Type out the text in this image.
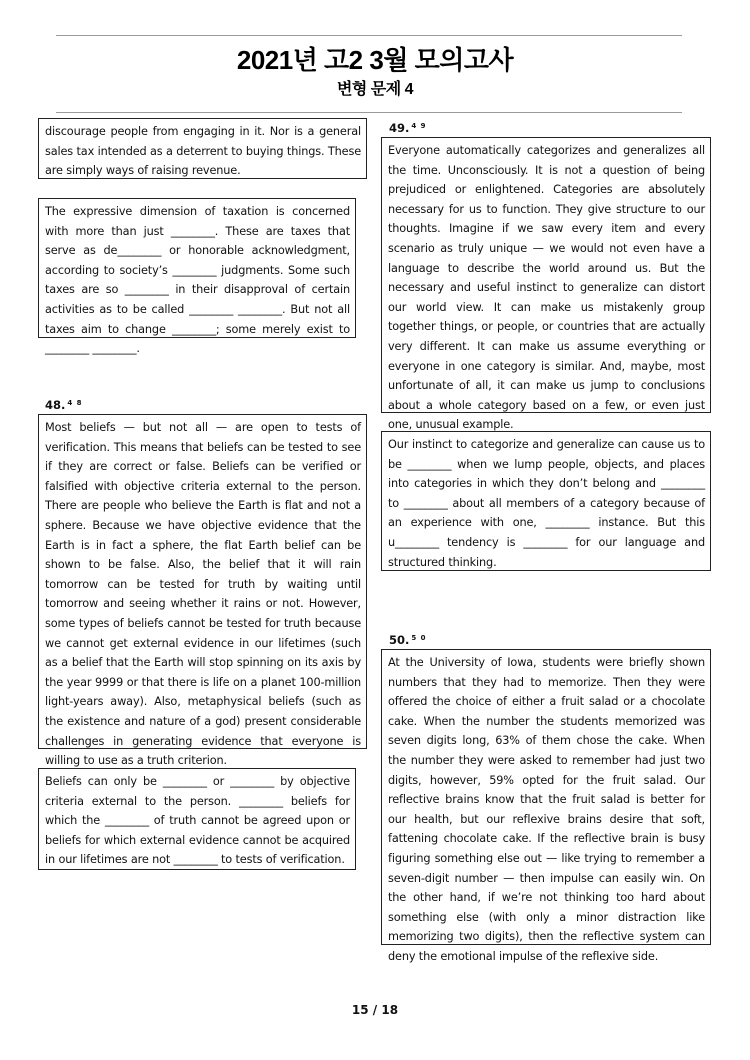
2021년 고2 3월 모의고사
변형 문제 4
discourage people from engaging in it. Nor is a general sales tax intended as a deterrent to buying things. These are simply ways of raising revenue.
The expressive dimension of taxation is concerned with more than just ________. These are taxes that serve as de________ or honorable acknowledgment, according to society’s ________ judgments. Some such taxes are so ________ in their disapproval of certain activities as to be called ________ ________. But not all taxes aim to change ________; some merely exist to ________ ________.
48. $^{4 8}$
Most beliefs — but not all — are open to tests of verification. This means that beliefs can be tested to see if they are correct or false. Beliefs can be verified or falsified with objective criteria external to the person. There are people who believe the Earth is flat and not a sphere. Because we have objective evidence that the Earth is in fact a sphere, the flat Earth belief can be shown to be false. Also, the belief that it will rain tomorrow can be tested for truth by waiting until tomorrow and seeing whether it rains or not. However, some types of beliefs cannot be tested for truth because we cannot get external evidence in our lifetimes (such as a belief that the Earth will stop spinning on its axis by the year 9999 or that there is life on a planet 100-million light-years away). Also, metaphysical beliefs (such as the existence and nature of a god) present considerable challenges in generating evidence that everyone is willing to use as a truth criterion.
Beliefs can only be ________ or ________ by objective criteria external to the person. ________ beliefs for which the ________ of truth cannot be agreed upon or beliefs for which external evidence cannot be acquired in our lifetimes are not ________ to tests of verification.
49. $^{4 9}$
Everyone automatically categorizes and generalizes all the time. Unconsciously. It is not a question of being prejudiced or enlightened. Categories are absolutely necessary for us to function. They give structure to our thoughts. Imagine if we saw every item and every scenario as truly unique — we would not even have a language to describe the world around us. But the necessary and useful instinct to generalize can distort our world view. It can make us mistakenly group together things, or people, or countries that are actually very different. It can make us assume everything or everyone in one category is similar. And, maybe, most unfortunate of all, it can make us jump to conclusions about a whole category based on a few, or even just one, unusual example.
Our instinct to categorize and generalize can cause us to be ________ when we lump people, objects, and places into categories in which they don’t belong and ________ to ________ about all members of a category because of an experience with one, ________ instance. But this u________ tendency is ________ for our language and structured thinking.
50. $^{5 0}$
At the University of Iowa, students were briefly shown numbers that they had to memorize. Then they were offered the choice of either a fruit salad or a chocolate cake. When the number the students memorized was seven digits long, 63% of them chose the cake. When the number they were asked to remember had just two digits, however, 59% opted for the fruit salad. Our reflective brains know that the fruit salad is better for our health, but our reflexive brains desire that soft, fattening chocolate cake. If the reflective brain is busy figuring something else out — like trying to remember a seven-digit number — then impulse can easily win. On the other hand, if we’re not thinking too hard about something else (with only a minor distraction like memorizing two digits), then the reflective system can deny the emotional impulse of the reflexive side.
15 / 18
